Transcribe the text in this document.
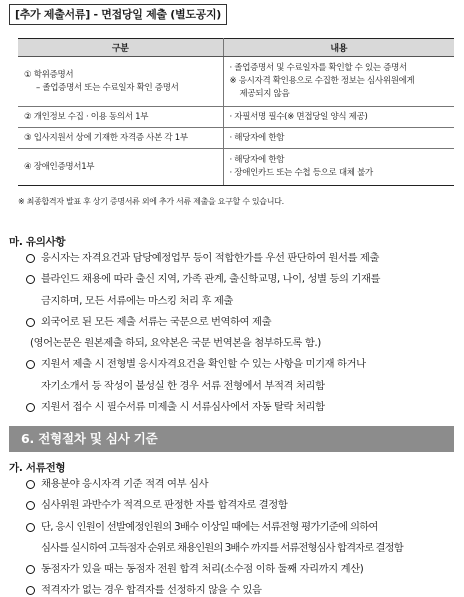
[추가 제출서류] - 면접당일 제출 (별도공지)
구분	내용

① 학위증명서
– 졸업증명서 또는 수료일자 확인 증명서	· 졸업증명서 및 수료일자를 확인할 수 있는 증명서
※ 응시자격 확인용으로 수집한 정보는 심사위원에게
제공되지 않음

② 개인정보 수집 · 이용 동의서 1부	· 자필서명 필수(※ 면접당일 양식 제공)

③ 입사지원서 상에 기재한 자격증 사본 각 1부	· 해당자에 한함

④ 장애인증명서1부	· 해당자에 한함
· 장애인카드 또는 수첩 등으로 대체 불가
※ 최종합격자 발표 후 상기 증명서류 외에 추가 서류 제출을 요구할 수 있습니다.
마. 유의사항
응시자는 자격요건과 담당예정업무 등이 적합한가를 우선 판단하여 원서를 제출
블라인드 채용에 따라 출신 지역, 가족 관계, 출신학교명, 나이, 성별 등의 기재를
금지하며, 모든 서류에는 마스킹 처리 후 제출
외국어로 된 모든 제출 서류는 국문으로 번역하여 제출
(영어논문은 원본제출 하되, 요약본은 국문 번역본을 첨부하도록 함.)
지원서 제출 시 전형별 응시자격요건을 확인할 수 있는 사항을 미기재 하거나
자기소개서 등 작성이 불성실 한 경우 서류 전형에서 부적격 처리함
지원서 접수 시 필수서류 미제출 시 서류심사에서 자동 탈락 처리함
6. 전형절차 및 심사 기준
가. 서류전형
채용분야 응시자격 기준 적격 여부 심사
심사위원 과반수가 적격으로 판정한 자를 합격자로 결정함
단, 응시 인원이 선발예정인원의 3배수 이상일 때에는 서류전형 평가기준에 의하여
심사를 실시하여 고득점자 순위로 채용인원의 3배수 까지를 서류전형심사 합격자로 결정함
동점자가 있을 때는 동점자 전원 합격 처리(소수점 이하 둘째 자리까지 계산)
적격자가 없는 경우 합격자를 선정하지 않을 수 있음
